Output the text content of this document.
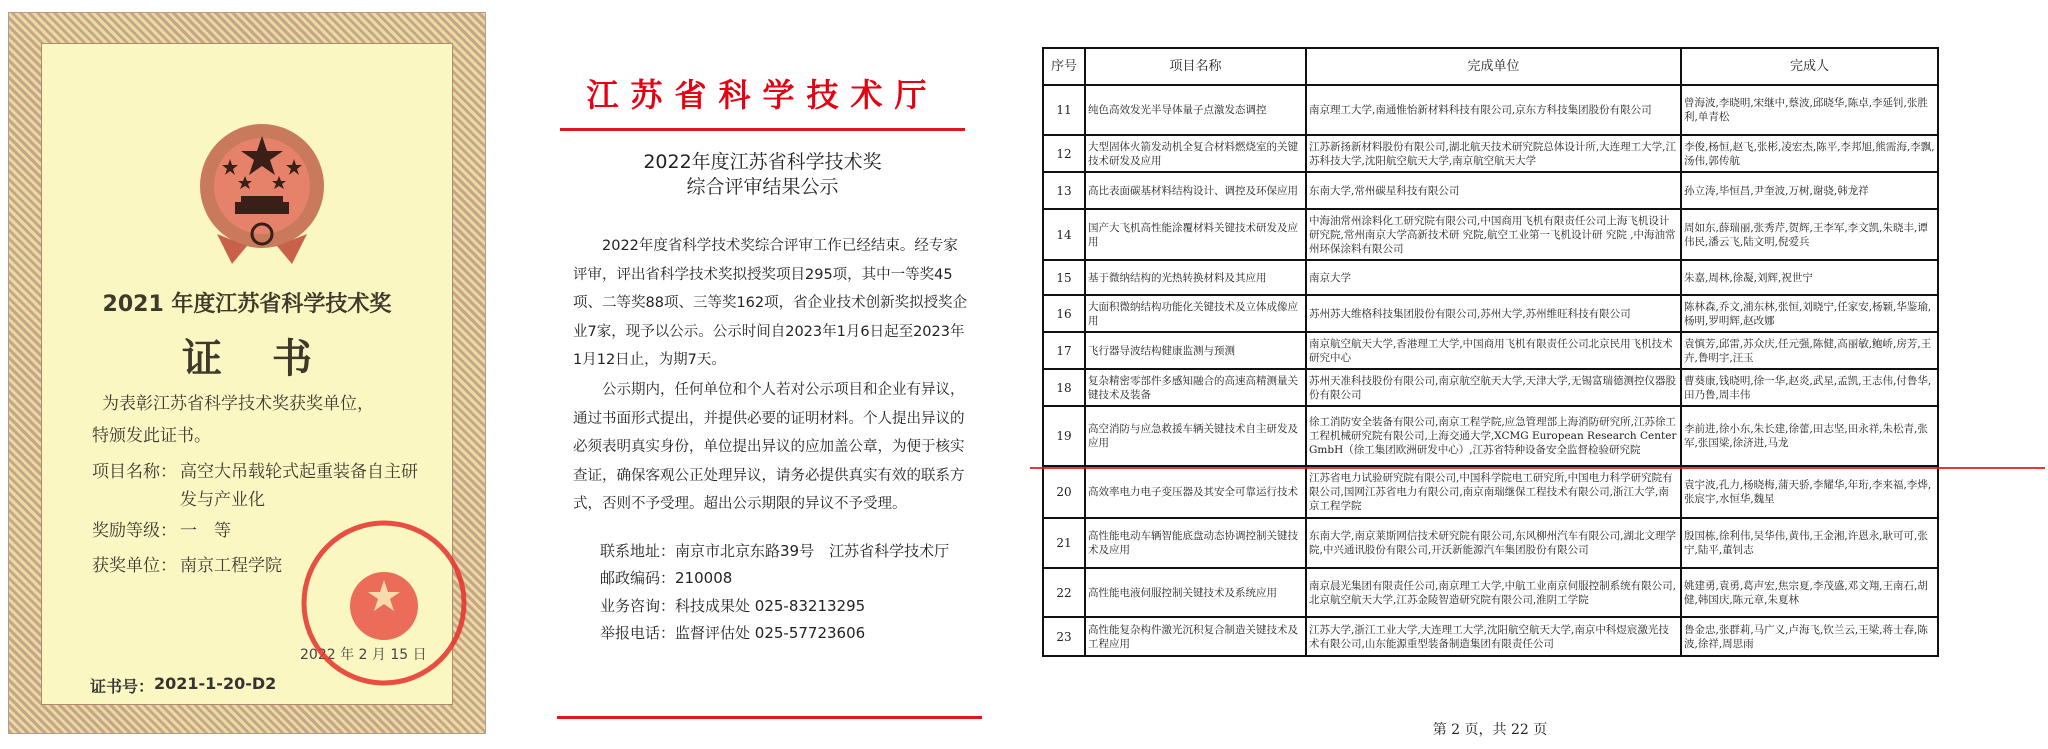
2021 年度江苏省科学技术奖
证书
为表彰江苏省科学技术奖获奖单位，
特颁发此证书。
项目名称： 高空大吊载轮式起重装备自主研
发与产业化
奖励等级： 一　等
获奖单位： 南京工程学院
2022 年 2 月 15 日
证书号： 2021-1-20-D2
江苏省科学技术厅
2022年度江苏省科学技术奖
综合评审结果公示

2022年度省科学技术奖综合评审工作已经结束。经专家评审，评出省科学技术奖拟授奖项目295项，其中一等奖45项、二等奖88项、三等奖162项，省企业技术创新奖拟授奖企业7家，现予以公示。公示时间自2023年1月6日起至2023年1月12日止，为期7天。

公示期内，任何单位和个人若对公示项目和企业有异议，通过书面形式提出，并提供必要的证明材料。个人提出异议的必须表明真实身份，单位提出异议的应加盖公章，为便于核实查证，确保客观公正处理异议，请务必提供真实有效的联系方式，否则不予受理。超出公示期限的异议不予受理。

联系地址：南京市北京东路39号　江苏省科学技术厅
邮政编码：210008
业务咨询：科技成果处 025-83213295
举报电话：监督评估处 025-57723606
序号	项目名称	完成单位	完成人
11	纯色高效发光半导体量子点激发态调控	南京理工大学,南通惟怡新材料科技有限公司,京东方科技集团股份有限公司	曾海波,李晓明,宋继中,蔡波,邱晓华,陈卓,李延钊,张胜利,单青松
12	大型固体火箭发动机全复合材料燃烧室的关键技术研发及应用	江苏新扬新材料股份有限公司,湖北航天技术研究院总体设计所,大连理工大学,江苏科技大学,沈阳航空航天大学,南京航空航天大学	李俊,杨恒,赵飞,张彬,凌宏杰,陈平,李邦旭,熊需海,李飘,汤伟,郭传航
13	高比表面碳基材料结构设计、调控及环保应用	东南大学,常州碳星科技有限公司	孙立涛,毕恒昌,尹奎波,万树,谢骁,韩龙祥
14	国产大飞机高性能涂覆材料关键技术研发及应用	中海油常州涂料化工研究院有限公司,中国商用飞机有限责任公司上海飞机设计研究院,常州南京大学高新技术研 究院,航空工业第一飞机设计研 究院 ,中海油常州环保涂料有限公司	周如东,薛瑞丽,张秀芹,贺辉,王李军,李文凯,朱晓丰,谭伟民,潘云飞,陆文明,倪爱兵
15	基于微纳结构的光热转换材料及其应用	南京大学	朱嘉,周林,徐凝,刘辉,祝世宁
16	大面积微纳结构功能化关键技术及立体成像应用	苏州苏大维格科技集团股份有限公司,苏州大学,苏州维旺科技有限公司	陈林森,乔文,浦东林,张恒,刘晓宁,任家安,杨颖,华鉴瑜,杨明,罗明辉,赵改娜
17	飞行器导波结构健康监测与预测	南京航空航天大学,香港理工大学,中国商用飞机有限责任公司北京民用飞机技术研究中心	袁慎芳,邱雷,苏众庆,任元强,陈健,高丽敏,鲍峤,房芳,王卉,鲁明宇,汪玉
18	复杂精密零部件多感知融合的高速高精测量关键技术及装备	苏州天准科技股份有限公司,南京航空航天大学,天津大学,无锡富瑞德测控仪器股份有限公司	曹葵康,钱晓明,徐一华,赵炎,武星,孟凯,王志伟,付鲁华,田乃鲁,周丰伟
19	高空消防与应急救援车辆关键技术自主研发及应用	徐工消防安全装备有限公司,南京工程学院,应急管理部上海消防研究所,江苏徐工工程机械研究院有限公司,上海交通大学,XCMG European Research Center GmbH（徐工集团欧洲研发中心）,江苏省特种设备安全监督检验研究院	李前进,徐小东,朱长建,徐蕾,田志坚,田永祥,朱松青,张军,张国梁,徐济进,马龙
20	高效率电力电子变压器及其安全可靠运行技术	江苏省电力试验研究院有限公司,中国科学院电工研究所,中国电力科学研究院有限公司,国网江苏省电力有限公司,南京南瑞继保工程技术有限公司,浙江大学,南京工程学院	袁宇波,孔力,杨晓梅,蒲天骄,李耀华,年珩,李来福,李烨,张宸宇,水恒华,魏星
21	高性能电动车辆智能底盘动态协调控制关键技术及应用	东南大学,南京莱斯网信技术研究院有限公司,东风柳州汽车有限公司,湖北文理学院,中兴通讯股份有限公司,开沃新能源汽车集团股份有限公司	殷国栋,徐利伟,吴华伟,黄伟,王金湘,许恩永,耿可可,张宁,陆平,董钊志
22	高性能电液伺服控制关键技术及系统应用	南京晨光集团有限责任公司,南京理工大学,中航工业南京伺服控制系统有限公司,北京航空航天大学,江苏金陵智造研究院有限公司,淮阴工学院	姚建勇,袁勇,葛声宏,焦宗夏,李茂盛,邓文翔,王南石,胡健,韩国庆,陈元章,朱夏林
23	高性能复杂构件激光沉积复合制造关键技术及工程应用	江苏大学,浙江工业大学,大连理工大学,沈阳航空航天大学,南京中科煜宸激光技术有限公司,山东能源重型装备制造集团有限责任公司	鲁金忠,张群莉,马广义,卢海飞,钦兰云,王梁,蒋士春,陈波,徐祥,周思雨
第 2 页，共 22 页
